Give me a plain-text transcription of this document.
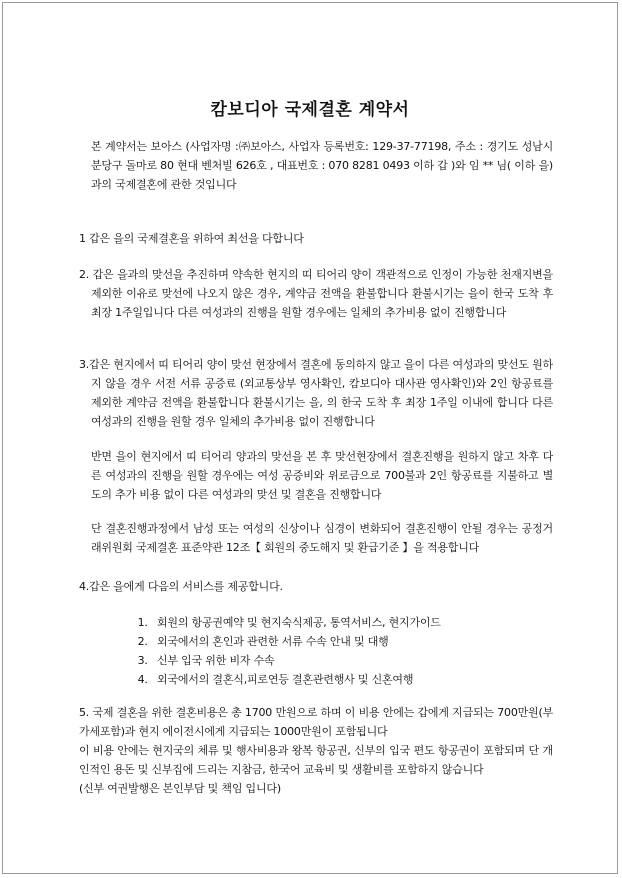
캄보디아 국제결혼 계약서
본 계약서는 보아스 (사업자명 :㈜보아스, 사업자 등록번호: 129-37-77198, 주소 : 경기도 성남시 분당구 돌마로 80 현대 벤처빌 626호 , 대표번호 : 070 8281 0493 이하 갑 )와 임 ** 님( 이하 을) 과의 국제결혼에 관한 것입니다
1 갑은 을의 국제결혼을 위하여 최선을 다합니다
2. 갑은 을과의 맞선을 추진하며 약속한 현지의 띠 티어리 양이 객관적으로 인정이 가능한 천재지변을 제외한 이유로 맞선에 나오지 않은 경우, 계약금 전액을 환불합니다 환불시기는 을이 한국 도착 후 최장 1주일입니다 다른 여성과의 진행을 원할 경우에는 일체의 추가비용 없이 진행합니다
3.갑은 현지에서 띠 티어리 양이 맞선 현장에서 결혼에 동의하지 않고 을이 다른 여성과의 맞선도 원하지 않을 경우 서전 서류 공증료 (외교통상부 영사확인, 캄보디아 대사관 영사확인)와 2인 항공료를 제외한 계약금 전액을 환불합니다 환불시기는 을, 의 한국 도착 후 최장 1주일 이내에 합니다 다른 여성과의 진행을 원할 경우 일체의 추가비용 없이 진행합니다
반면 을이 현지에서 띠 티어리 양과의 맞선을 본 후 맞선현장에서 결혼진행을 원하지 않고 차후 다른 여성과의 진행을 원할 경우에는 여성 공증비와 위로금으로 700불과 2인 항공료를 지불하고 별도의 추가 비용 없이 다른 여성과의 맞선 및 결혼을 진행합니다
단 결혼진행과정에서 남성 또는 여성의 신상이나 심경이 변화되어 결혼진행이 안될 경우는 공정거래위원회 국제결혼 표준약관 12조【 회원의 중도해지 및 환급기준 】을 적용합니다
4.갑은 을에게 다음의 서비스를 제공합니다.
1. 회원의 항공권예약 및 현지숙식제공, 통역서비스, 현지가이드
2. 외국에서의 혼인과 관련한 서류 수속 안내 및 대행
3. 신부 입국 위한 비자 수속
4. 외국에서의 결혼식,피로연등 결혼관련행사 및 신혼여행
5. 국제 결혼을 위한 결혼비용은 총 1700 만원으로 하며 이 비용 안에는 갑에게 지급되는 700만원(부가세포함)과 현지 에이전시에게 지급되는 1000만원이 포함됩니다
이 비용 안에는 현지국의 체류 및 행사비용과 왕복 항공권, 신부의 입국 편도 항공권이 포함되며 단 개인적인 용돈 및 신부집에 드리는 지참금, 한국어 교육비 및 생활비를 포함하지 않습니다
(신부 여권발행은 본인부담 및 책임 입니다)
